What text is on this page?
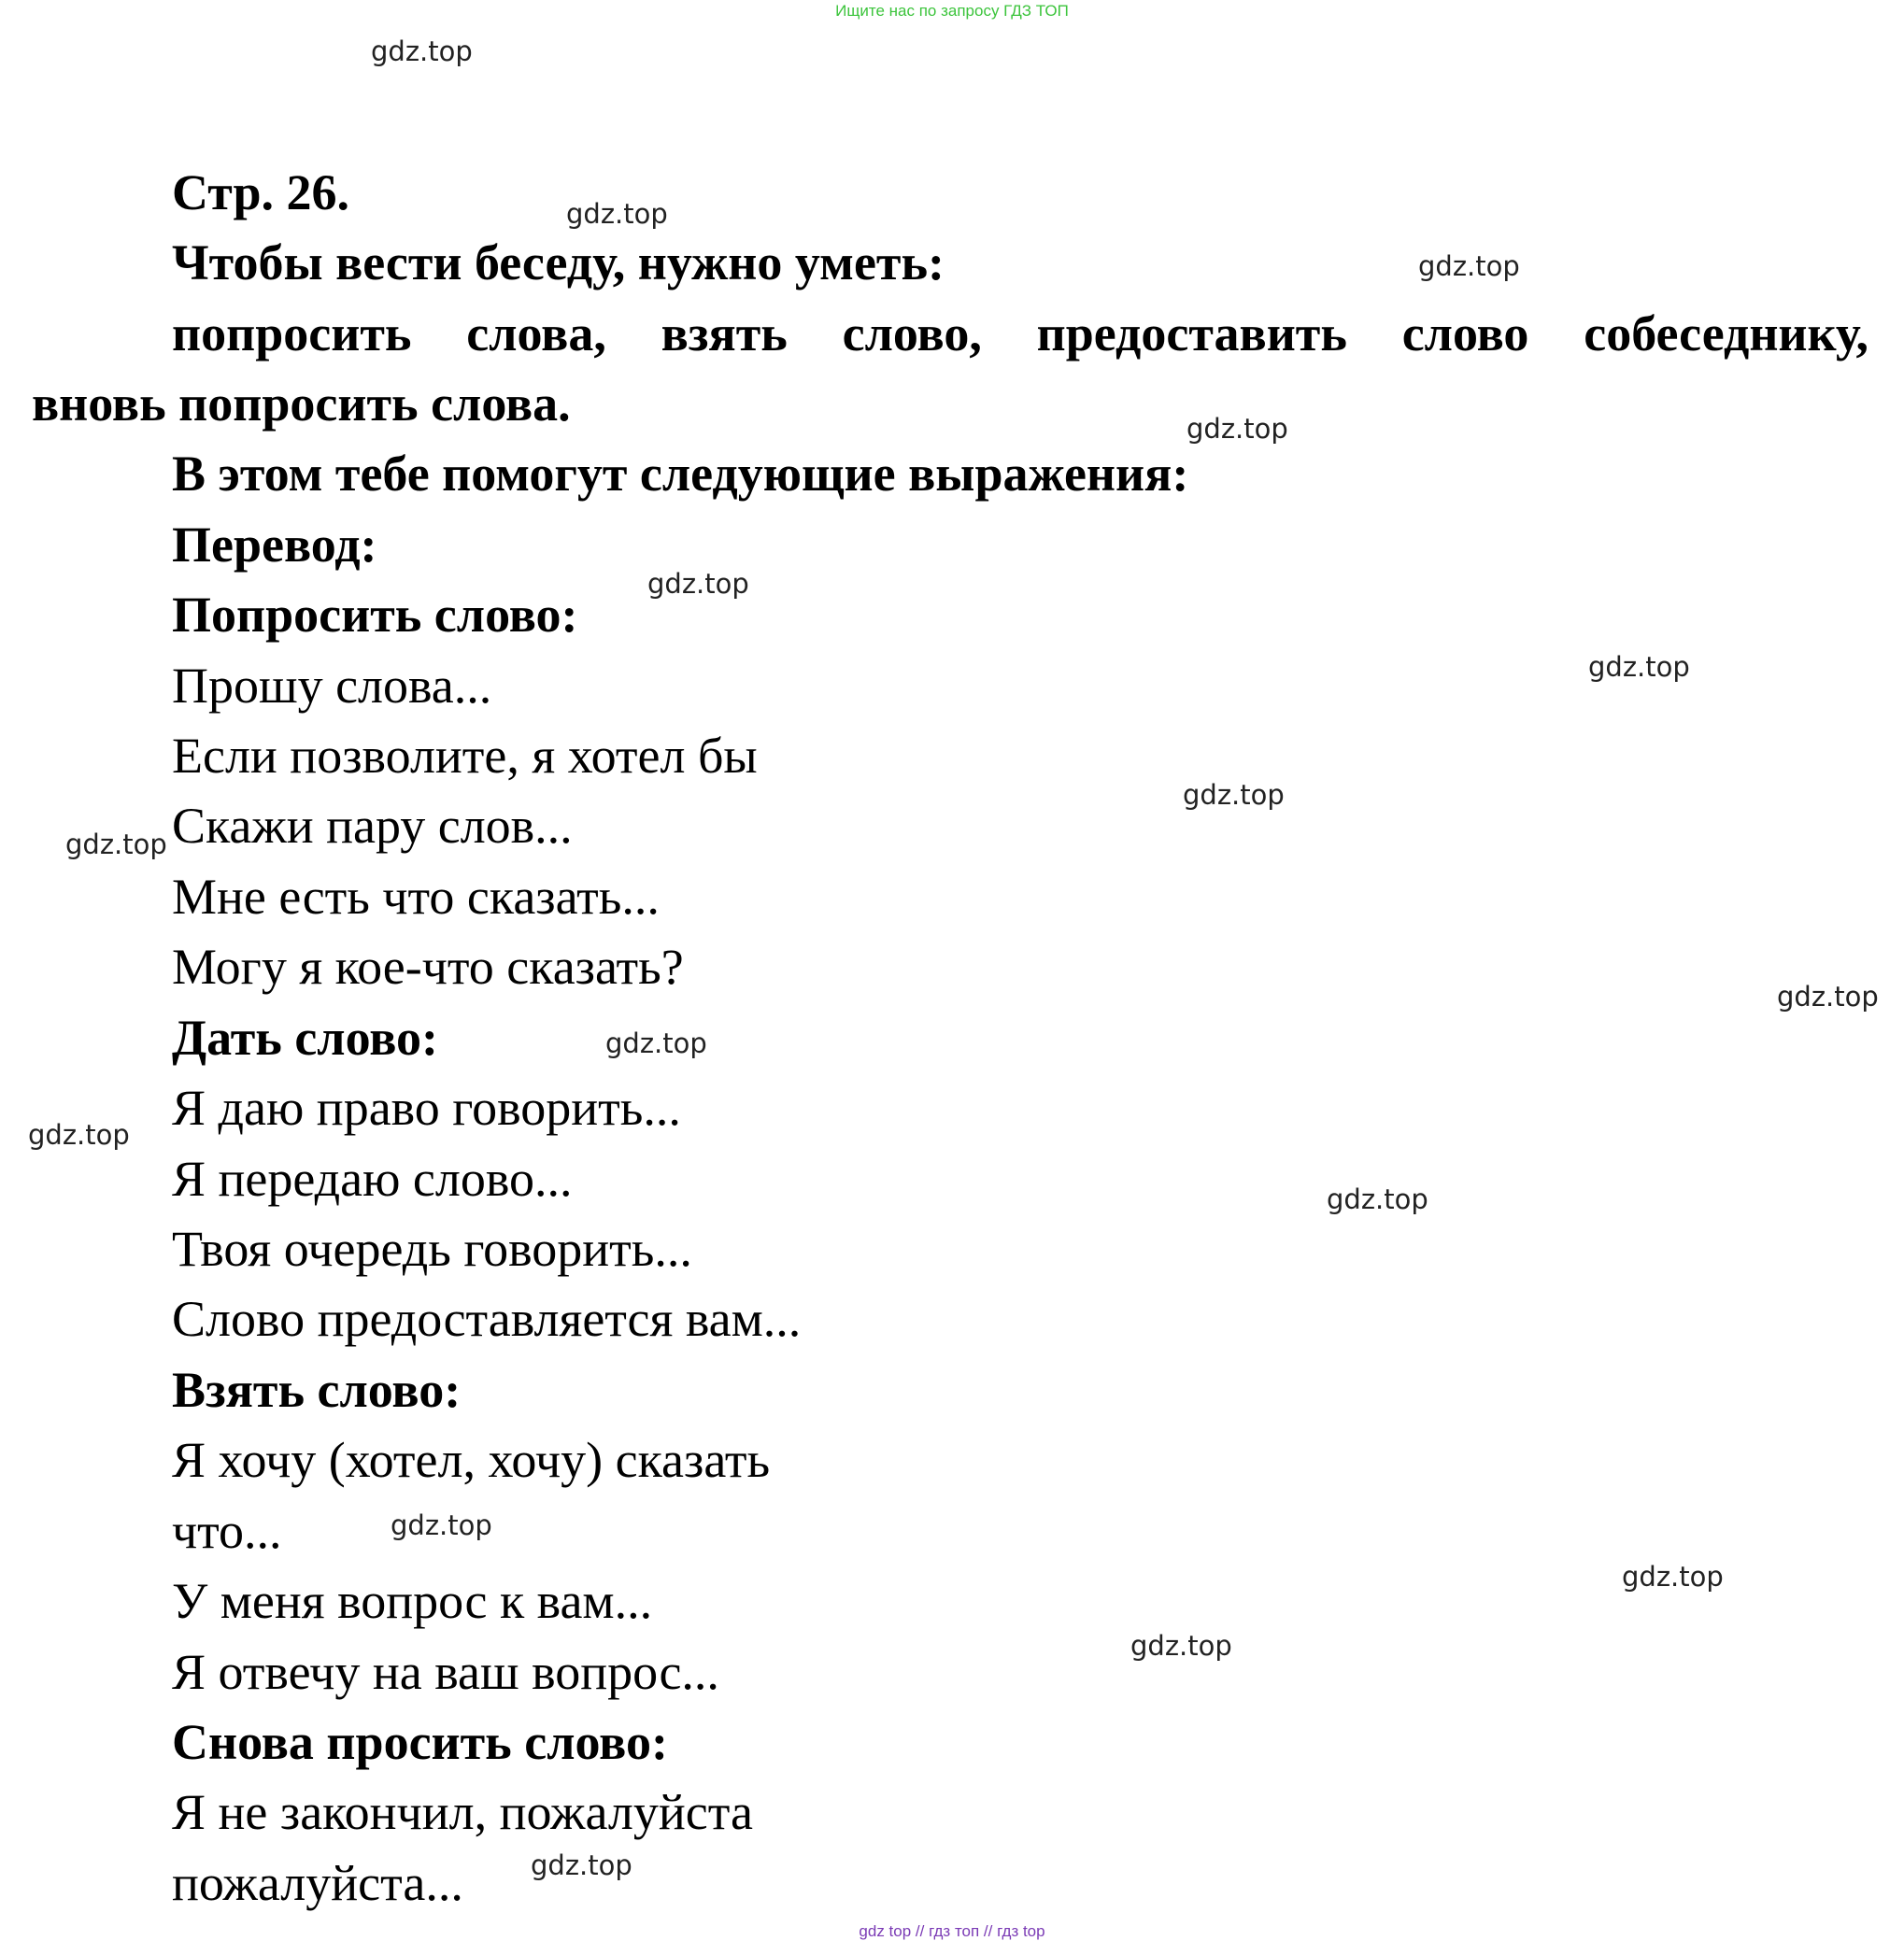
Ищите нас по запросу ГДЗ ТОП
gdz.top
gdz.top
gdz.top
gdz.top
gdz.top
gdz.top
gdz.top
gdz.top
gdz.top
gdz.top
gdz.top
gdz.top
gdz.top
gdz.top
gdz.top
gdz.top
Стр. 26.
Чтобы вести беседу, нужно уметь:
попросить слова, взять слово, предоставить слово собеседнику,
вновь попросить слова.
В этом тебе помогут следующие выражения:
Перевод:
Попросить слово:
Прошу слова...
Если позволите, я хотел бы
Скажи пару слов...
Мне есть что сказать...
Могу я кое-что сказать?
Дать слово:
Я даю право говорить...
Я передаю слово...
Твоя очередь говорить...
Слово предоставляется вам...
Взять слово:
Я хочу (хотел, хочу) сказать
что...
У меня вопрос к вам...
Я отвечу на ваш вопрос...
Снова просить слово:
Я не закончил, пожалуйста
пожалуйста...
gdz top // гдз топ // гдз top
